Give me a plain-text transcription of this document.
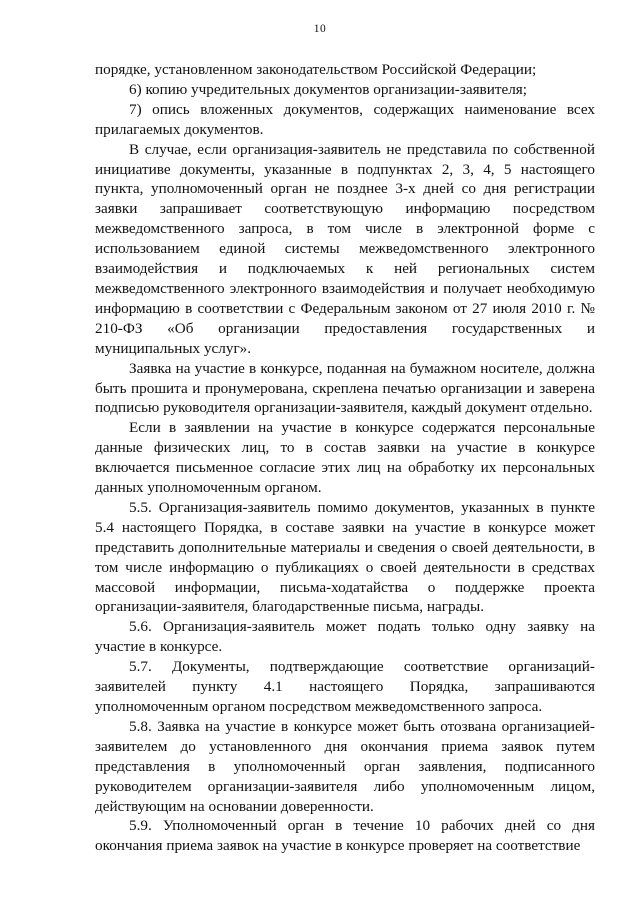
10

порядке, установленном законодательством Российской Федерации;

6) копию учредительных документов организации-заявителя;

7) опись вложенных документов, содержащих наименование всех прилагаемых документов.

В случае, если организация-заявитель не представила по собственной инициативе документы, указанные в подпунктах 2, 3, 4, 5 настоящего пункта, уполномоченный орган не позднее 3-х дней со дня регистрации заявки запрашивает соответствующую информацию посредством межведомственного запроса, в том числе в электронной форме с использованием единой системы межведомственного электронного взаимодействия и подключаемых к ней региональных систем межведомственного электронного взаимодействия и получает необходимую информацию в соответствии с Федеральным законом от 27 июля 2010 г. № 210-ФЗ «Об организации предоставления государственных и муниципальных услуг».

Заявка на участие в конкурсе, поданная на бумажном носителе, должна быть прошита и пронумерована, скреплена печатью организации и заверена подписью руководителя организации-заявителя, каждый документ отдельно.

Если в заявлении на участие в конкурсе содержатся персональные данные физических лиц, то в состав заявки на участие в конкурсе включается письменное согласие этих лиц на обработку их персональных данных уполномоченным органом.

5.5. Организация-заявитель помимо документов, указанных в пункте 5.4 настоящего Порядка, в составе заявки на участие в конкурсе может представить дополнительные материалы и сведения о своей деятельности, в том числе информацию о публикациях о своей деятельности в средствах массовой информации, письма-ходатайства о поддержке проекта организации-заявителя, благодарственные письма, награды.

5.6. Организация-заявитель может подать только одну заявку на участие в конкурсе.

5.7. Документы, подтверждающие соответствие организаций-заявителей пункту 4.1 настоящего Порядка, запрашиваются уполномоченным органом посредством межведомственного запроса.

5.8. Заявка на участие в конкурсе может быть отозвана организацией-заявителем до установленного дня окончания приема заявок путем представления в уполномоченный орган заявления, подписанного руководителем организации-заявителя либо уполномоченным лицом, действующим на основании доверенности.

5.9. Уполномоченный орган в течение 10 рабочих дней со дня окончания приема заявок на участие в конкурсе проверяет на соответствие
